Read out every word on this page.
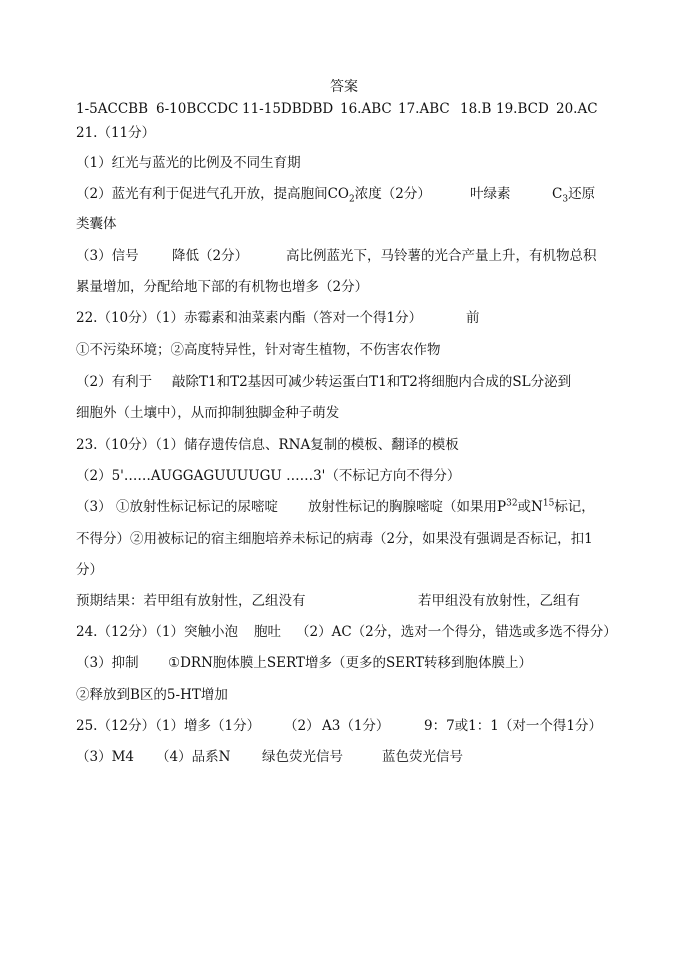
答案
1-5ACCBB 6-10BCCDC 11-15DBDBD 16.ABC 17.ABC 18.B 19.BCD 20.AC
21.（11分）
（1）红光与蓝光的比例及不同生育期
（2）蓝光有利于促进气孔开放，提高胞间$CO_2$浓度（2分）	叶绿素	$C_3$还原
类囊体
（3）信号 降低（2分）	高比例蓝光下，马铃薯的光合产量上升，有机物总积
累量增加，分配给地下部的有机物也增多（2分）
22.（10分）（1）赤霉素和油菜素内酯（答对一个得1分）	前
①不污染环境；②高度特异性，针对寄生植物，不伤害农作物
（2）有利于 敲除T1和T2基因可减少转运蛋白T1和T2将细胞内合成的SL分泌到
细胞外（土壤中），从而抑制独脚金种子萌发
23.（10分）（1）储存遗传信息、RNA复制的模板、翻译的模板
（2）5'……AUGGAGUUUUGU ……3'（不标记方向不得分）
（3） ①放射性标记标记的尿嘧啶 放射性标记的胸腺嘧啶（如果用$P^{32}$或$N^{15}$标记，
不得分）②用被标记的宿主细胞培养未标记的病毒（2分，如果没有强调是否标记，扣1
分）
预期结果：若甲组有放射性，乙组没有	若甲组没有放射性，乙组有
24.（12分）（1）突触小泡 胞吐 （2）AC（2分，选对一个得分，错选或多选不得分）
（3）抑制 ①DRN胞体膜上SERT增多（更多的SERT转移到胞体膜上）
②释放到B区的5-HT增加
25.（12分）（1）增多（1分） （2） A3（1分）	9：7或1：1（对一个得1分）
（3）M4 （4）品系N 绿色荧光信号	蓝色荧光信号
